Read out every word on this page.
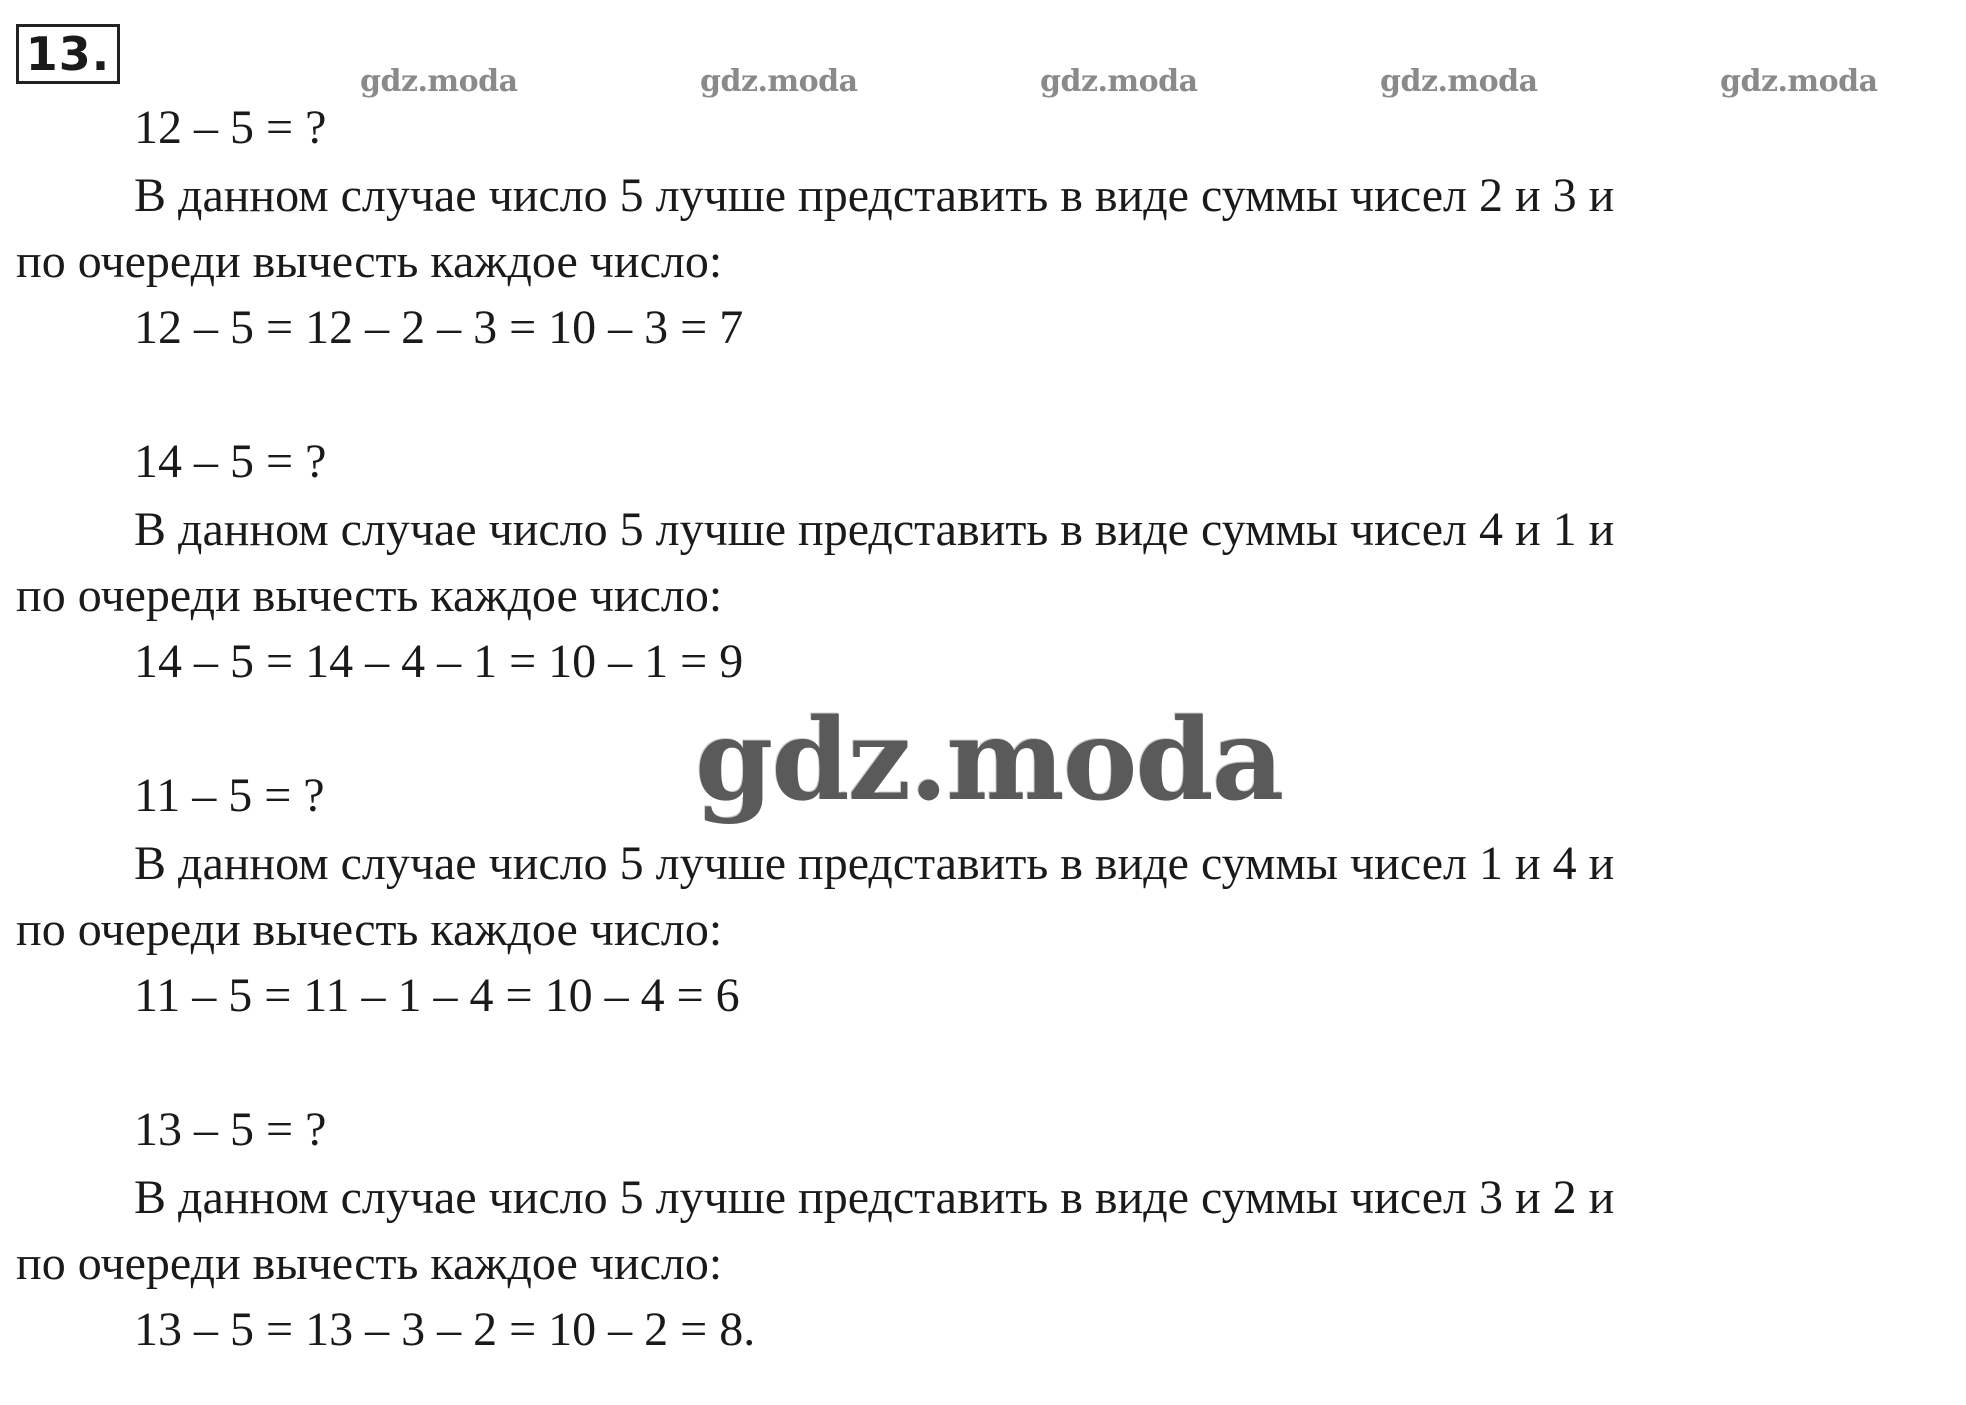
13.
gdz.moda	gdz.moda	gdz.moda	gdz.moda	gdz.moda
12 – 5 = ?
В данном случае число 5 лучше представить в виде суммы чисел 2 и 3 и
по очереди вычесть каждое число:
12 – 5 = 12 – 2 – 3 = 10 – 3 = 7
14 – 5 = ?
В данном случае число 5 лучше представить в виде суммы чисел 4 и 1 и
по очереди вычесть каждое число:
14 – 5 = 14 – 4 – 1 = 10 – 1 = 9
11 – 5 = ?
В данном случае число 5 лучше представить в виде суммы чисел 1 и 4 и
по очереди вычесть каждое число:
11 – 5 = 11 – 1 – 4 = 10 – 4 = 6
13 – 5 = ?
В данном случае число 5 лучше представить в виде суммы чисел 3 и 2 и
по очереди вычесть каждое число:
13 – 5 = 13 – 3 – 2 = 10 – 2 = 8.
gdz.moda
